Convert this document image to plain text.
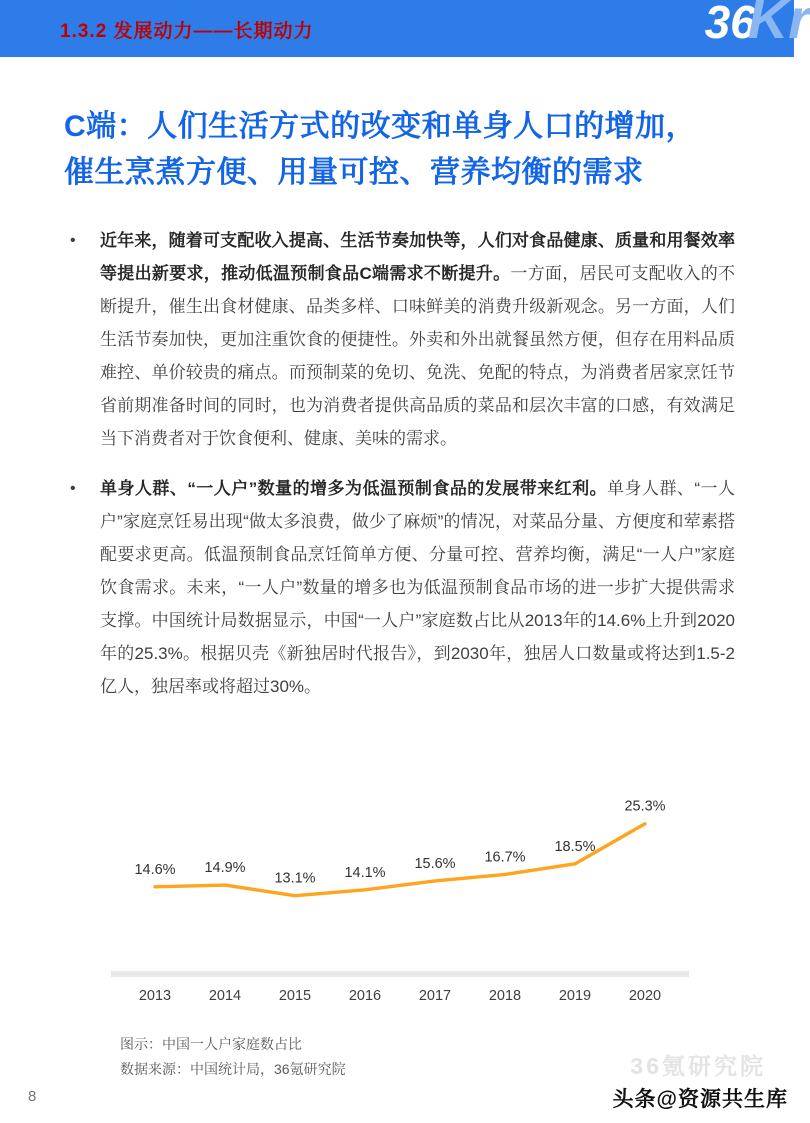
1.3.2 发展动力——长期动力	36Kr
C端：人们生活方式的改变和单身人口的增加，
催生烹煮方便、用量可控、营养均衡的需求
•	近年来，随着可支配收入提高、生活节奏加快等，人们对食品健康、质量和用餐效率等提出新要求，推动低温预制食品C端需求不断提升。一方面，居民可支配收入的不断提升，催生出食材健康、品类多样、口味鲜美的消费升级新观念。另一方面，人们生活节奏加快，更加注重饮食的便捷性。外卖和外出就餐虽然方便，但存在用料品质难控、单价较贵的痛点。而预制菜的免切、免洗、免配的特点，为消费者居家烹饪节省前期准备时间的同时，也为消费者提供高品质的菜品和层次丰富的口感，有效满足当下消费者对于饮食便利、健康、美味的需求。
•	单身人群、“一人户”数量的增多为低温预制食品的发展带来红利。单身人群、“一人户”家庭烹饪易出现“做太多浪费，做少了麻烦”的情况，对菜品分量、方便度和荤素搭配要求更高。低温预制食品烹饪简单方便、分量可控、营养均衡，满足“一人户”家庭饮食需求。未来，“一人户”数量的增多也为低温预制食品市场的进一步扩大提供需求支撑。中国统计局数据显示，中国“一人户”家庭数占比从2013年的14.6%上升到2020年的25.3%。根据贝壳《新独居时代报告》，到2030年，独居人口数量或将达到1.5-2亿人，独居率或将超过30%。
14.6%
2013
14.9%
2014
13.1%
2015
14.1%
2016
15.6%
2017
16.7%
2018
18.5%
2019
25.3%
2020
图示：中国一人户家庭数占比
数据来源：中国统计局，36氪研究院
8
36氪研究院
头条@资源共生库
